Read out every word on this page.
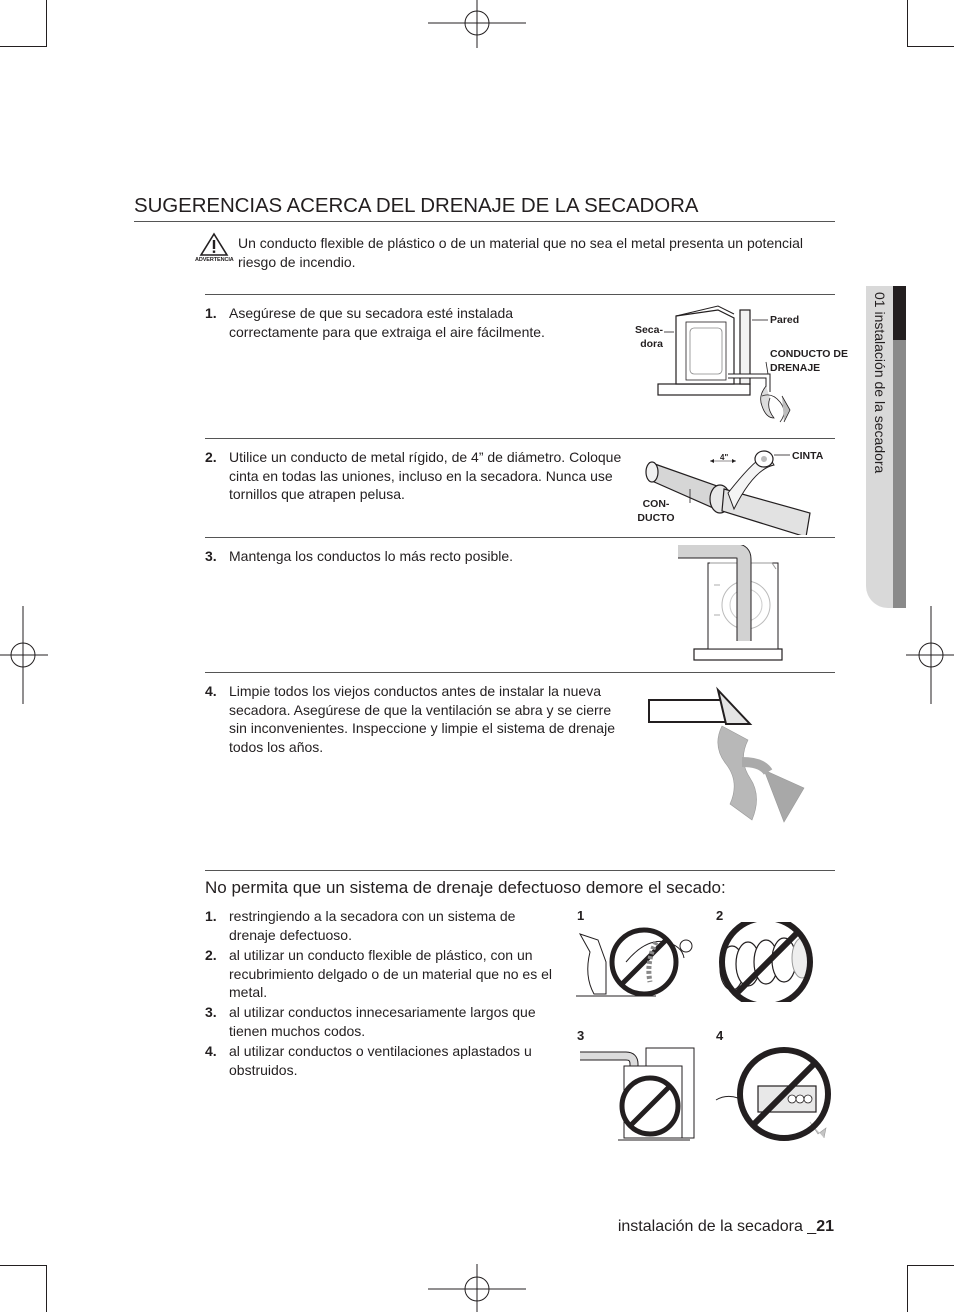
01 instalación de la secadora
SUGERENCIAS ACERCA DEL DRENAJE DE LA SECADORA
ADVERTENCIA
Un conducto flexible de plástico o de un material que no sea el metal presenta un potencial riesgo de incendio.
1. Asegúrese de que su secadora esté instalada correctamente para que extraiga el aire fácilmente.	Seca-
dora
Pared
CONDUCTO DE
DRENAJE
2. Utilice un conducto de metal rígido, de 4” de diámetro. Coloque cinta en todas las uniones, incluso en la secadora. Nunca use tornillos que atrapen pelusa.
4"	CINTA
CON-
DUCTO
3. Mantenga los conductos lo más recto posible.
4. Limpie todos los viejos conductos antes de instalar la nueva secadora. Asegúrese de que la ventilación se abra y se cierre sin inconvenientes. Inspeccione y limpie el sistema de drenaje todos los años.
No permita que un sistema de drenaje defectuoso demore el secado:
1. restringiendo a la secadora con un sistema de drenaje defectuoso.
2. al utilizar un conducto flexible de plástico, con un recubrimiento delgado o de un material que no es el metal.
3. al utilizar conductos innecesariamente largos que tienen muchos codos.
4. al utilizar conductos o ventilaciones aplastados u obstruidos.
1	2
3	4
instalación de la secadora _21
